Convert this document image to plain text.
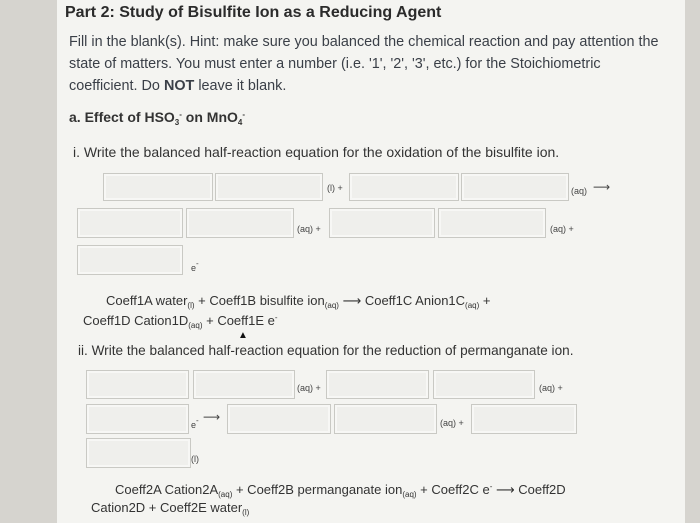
Part 2: Study of Bisulfite Ion as a Reducing Agent
Fill in the blank(s). Hint: make sure you balanced the chemical reaction and pay attention the state of matters. You must enter a number (i.e. '1', '2', '3', etc.) for the Stoichiometric coefficient. Do NOT leave it blank.
a. Effect of $HSO_3^-$ on MnO$_4$-
i. Write the balanced half-reaction equation for the oxidation of the bisulfite ion.
(l) +	(aq) ⟶
(aq) +	(aq) +
e-
Coeff1A water$_{(l)}$ + Coeff1B bisulfite ion$_{(aq)}$ ⟶ Coeff1C $Anion1C_{(aq)}$ +
Coeff1D $Cation1D_{(aq)}$ + Coeff1E e-
▲
ii. Write the balanced half-reaction equation for the reduction of permanganate ion.
(aq) +	(aq) +
e- ⟶	(aq) +
(l)
Coeff2A $Cation2A_{(aq)}$ + Coeff2B permanganate ion$_{(aq)}$ + Coeff2C e- ⟶ Coeff2D
Cation2D + Coeff2E water$_{(l)}$
